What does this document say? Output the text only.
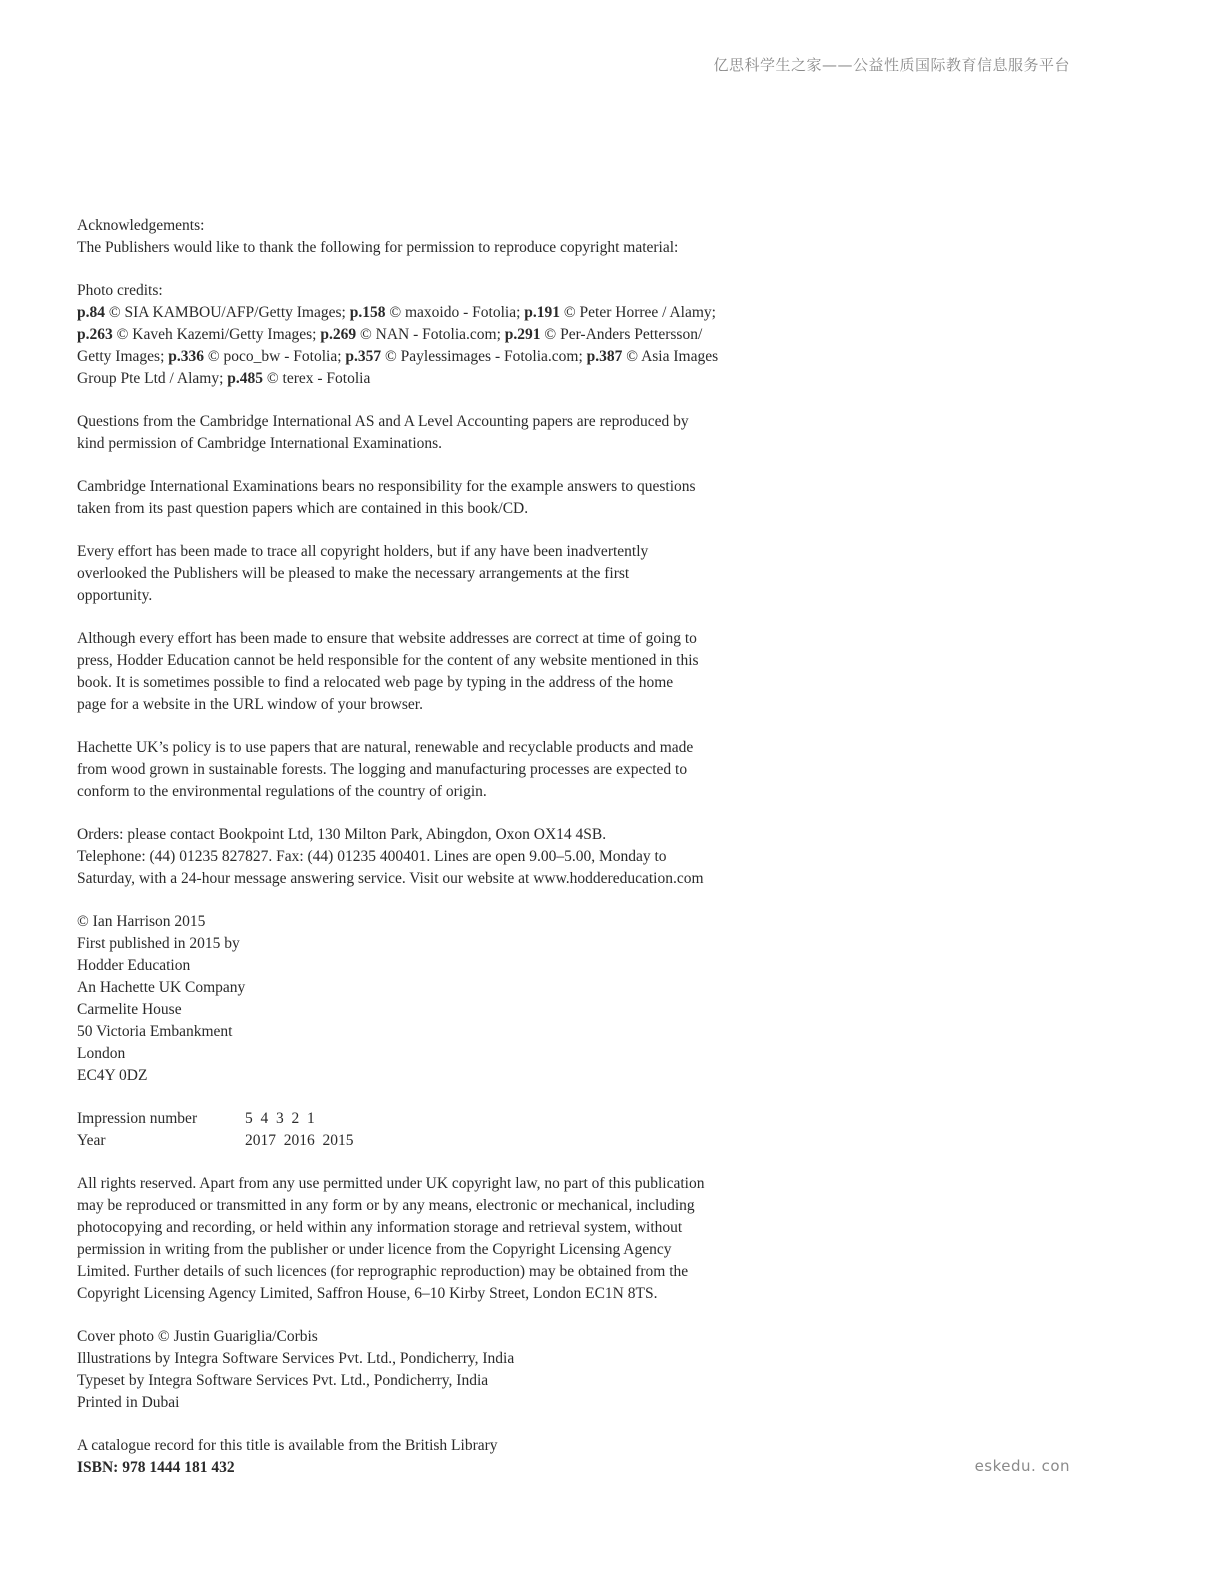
亿思科学生之家——公益性质国际教育信息服务平台
Acknowledgements:
The Publishers would like to thank the following for permission to reproduce copyright material:
Photo credits:
p.84 © SIA KAMBOU/AFP/Getty Images; p.158 © maxoido - Fotolia; p.191 © Peter Horree / Alamy;
p.263 © Kaveh Kazemi/Getty Images; p.269 © NAN - Fotolia.com; p.291 © Per-Anders Pettersson/
Getty Images; p.336 © poco_bw - Fotolia; p.357 © Paylessimages - Fotolia.com; p.387 © Asia Images
Group Pte Ltd / Alamy; p.485 © terex - Fotolia
Questions from the Cambridge International AS and A Level Accounting papers are reproduced by
kind permission of Cambridge International Examinations.
Cambridge International Examinations bears no responsibility for the example answers to questions
taken from its past question papers which are contained in this book/CD.
Every effort has been made to trace all copyright holders, but if any have been inadvertently
overlooked the Publishers will be pleased to make the necessary arrangements at the first
opportunity.
Although every effort has been made to ensure that website addresses are correct at time of going to
press, Hodder Education cannot be held responsible for the content of any website mentioned in this
book. It is sometimes possible to find a relocated web page by typing in the address of the home
page for a website in the URL window of your browser.
Hachette UK’s policy is to use papers that are natural, renewable and recyclable products and made
from wood grown in sustainable forests. The logging and manufacturing processes are expected to
conform to the environmental regulations of the country of origin.
Orders: please contact Bookpoint Ltd, 130 Milton Park, Abingdon, Oxon OX14 4SB.
Telephone: (44) 01235 827827. Fax: (44) 01235 400401. Lines are open 9.00–5.00, Monday to
Saturday, with a 24-hour message answering service. Visit our website at www.hoddereducation.com
© Ian Harrison 2015
First published in 2015 by
Hodder Education
An Hachette UK Company
Carmelite House
50 Victoria Embankment
London
EC4Y 0DZ
Impression number	5  4  3  2  1
Year	2017  2016  2015
All rights reserved. Apart from any use permitted under UK copyright law, no part of this publication
may be reproduced or transmitted in any form or by any means, electronic or mechanical, including
photocopying and recording, or held within any information storage and retrieval system, without
permission in writing from the publisher or under licence from the Copyright Licensing Agency
Limited. Further details of such licences (for reprographic reproduction) may be obtained from the
Copyright Licensing Agency Limited, Saffron House, 6–10 Kirby Street, London EC1N 8TS.
Cover photo © Justin Guariglia/Corbis
Illustrations by Integra Software Services Pvt. Ltd., Pondicherry, India
Typeset by Integra Software Services Pvt. Ltd., Pondicherry, India
Printed in Dubai
A catalogue record for this title is available from the British Library
ISBN: 978 1444 181 432	eskedu. con
